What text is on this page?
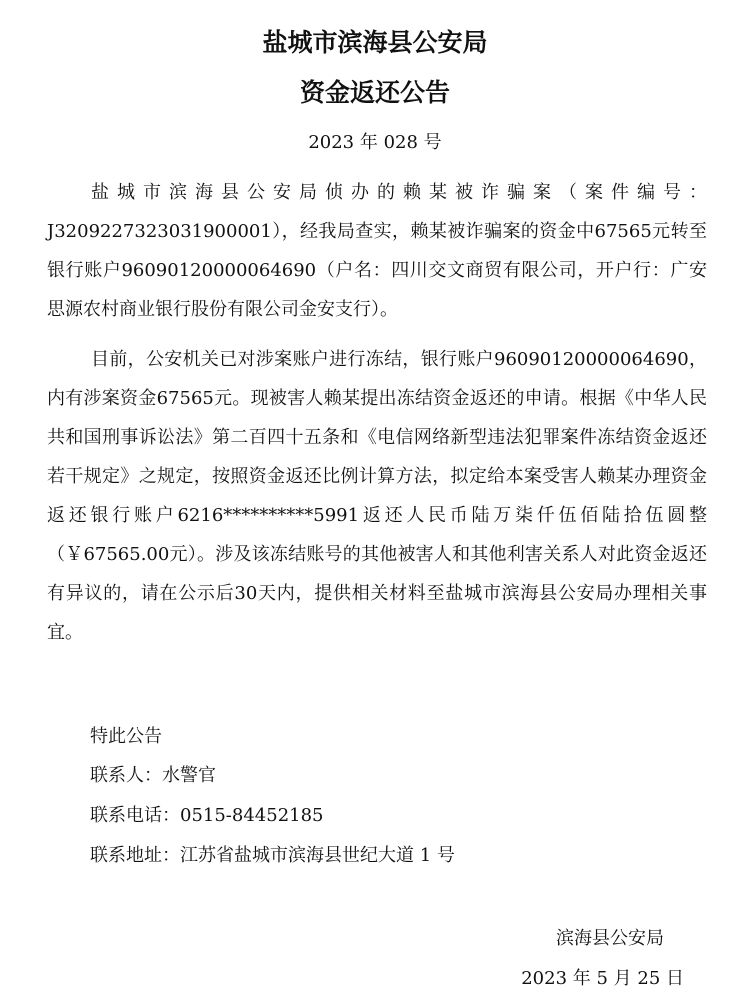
盐城市滨海县公安局
资金返还公告
2023 年 028 号

盐城市滨海县公安局侦办的赖某被诈骗案（案件编号：J3209227323031900001），经我局查实，赖某被诈骗案的资金中67565元转至银行账户96090120000064690（户名：四川交文商贸有限公司，开户行：广安思源农村商业银行股份有限公司金安支行）。

目前，公安机关已对涉案账户进行冻结，银行账户96090120000064690，内有涉案资金67565元。现被害人赖某提出冻结资金返还的申请。根据《中华人民共和国刑事诉讼法》第二百四十五条和《电信网络新型违法犯罪案件冻结资金返还若干规定》之规定，按照资金返还比例计算方法，拟定给本案受害人赖某办理资金返还银行账户6216**********5991返还人民币陆万柒仟伍佰陆拾伍圆整（￥67565.00元）。涉及该冻结账号的其他被害人和其他利害关系人对此资金返还有异议的，请在公示后30天内，提供相关材料至盐城市滨海县公安局办理相关事宜。

特此公告
联系人：水警官
联系电话：0515-84452185
联系地址：江苏省盐城市滨海县世纪大道 1 号
滨海县公安局
2023 年 5 月 25 日
